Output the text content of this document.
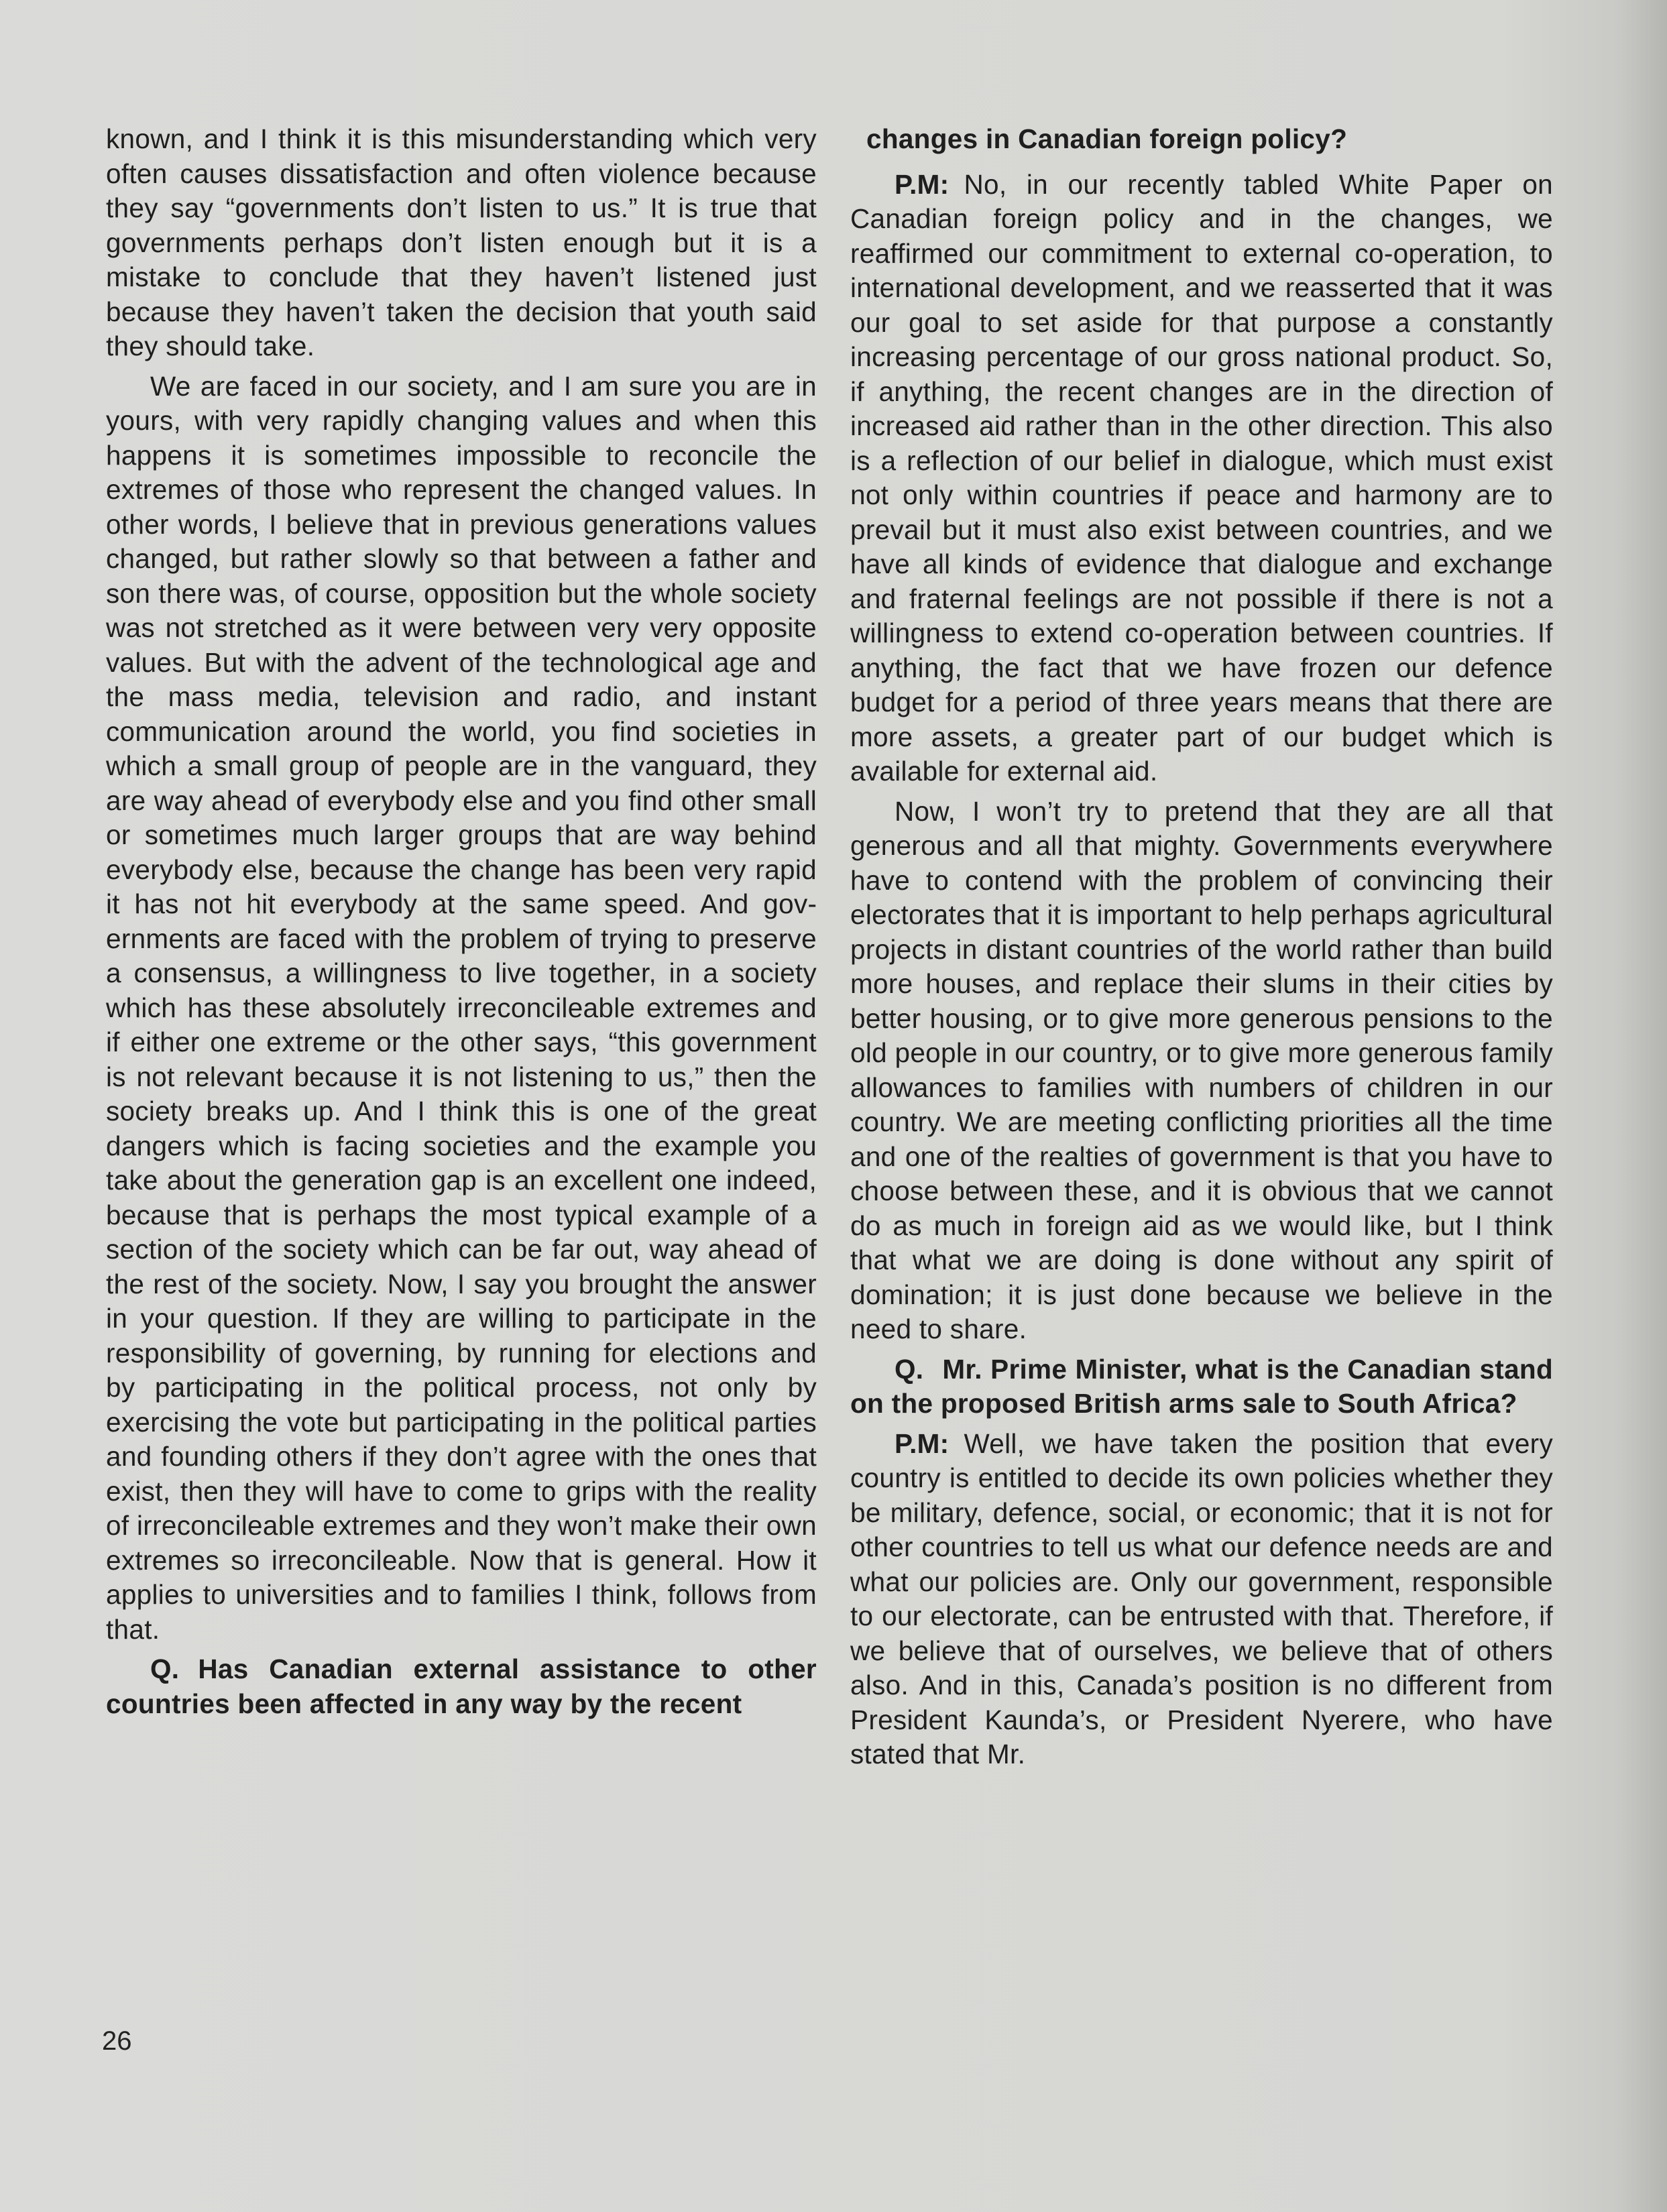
known, and I think it is this misunderstanding which very often causes dissatisfaction and often violence because they say “governments don’t listen to us.” It is true that governments perhaps don’t listen enough but it is a mistake to conclude that they haven’t listened just because they haven’t taken the decision that youth said they should take.

We are faced in our society, and I am sure you are in yours, with very rapidly changing values and when this happens it is sometimes impossible to reconcile the extremes of those who represent the changed values. In other words, I believe that in previous generations values changed, but rather slowly so that between a father and son there was, of course, opposition but the whole society was not stretched as it were between very very opposite values. But with the advent of the technological age and the mass media, television and radio, and instant communication around the world, you find societies in which a small group of people are in the vanguard, they are way ahead of everybody else and you find other small or sometimes much larger groups that are way behind everybody else, because the change has been very rapid it has not hit everybody at the same speed. And governments are faced with the problem of trying to preserve a consensus, a willingness to live together, in a society which has these absolutely irreconcileable extremes and if either one extreme or the other says, “this government is not relevant because it is not listening to us,” then the society breaks up. And I think this is one of the great dangers which is facing societies and the example you take about the generation gap is an excellent one indeed, because that is perhaps the most typical example of a section of the society which can be far out, way ahead of the rest of the society. Now, I say you brought the answer in your question. If they are willing to participate in the responsibility of governing, by running for elections and by participating in the political process, not only by exercising the vote but participating in the political parties and founding others if they don’t agree with the ones that exist, then they will have to come to grips with the reality of irreconcileable extremes and they won’t make their own extremes so irreconcileable. Now that is general. How it applies to universities and to families I think, follows from that.

Q. Has Canadian external assistance to other countries been affected in any way by the recent

changes in Canadian foreign policy?

P.M: No, in our recently tabled White Paper on Canadian foreign policy and in the changes, we reaffirmed our commitment to external co-operation, to international development, and we reasserted that it was our goal to set aside for that purpose a constantly increasing percentage of our gross national product. So, if anything, the recent changes are in the direction of increased aid rather than in the other direction. This also is a reflection of our belief in dialogue, which must exist not only within countries if peace and harmony are to prevail but it must also exist between countries, and we have all kinds of evidence that dialogue and exchange and fraternal feelings are not possible if there is not a willingness to extend co-operation between countries. If anything, the fact that we have frozen our defence budget for a period of three years means that there are more assets, a greater part of our budget which is available for external aid.

Now, I won’t try to pretend that they are all that generous and all that mighty. Governments everywhere have to contend with the problem of convincing their electorates that it is important to help perhaps agricultural projects in distant countries of the world rather than build more houses, and replace their slums in their cities by better housing, or to give more generous pensions to the old people in our country, or to give more generous family allowances to families with numbers of children in our country. We are meeting conflicting priorities all the time and one of the realties of government is that you have to choose between these, and it is obvious that we cannot do as much in foreign aid as we would like, but I think that what we are doing is done without any spirit of domination; it is just done because we believe in the need to share.

Q. Mr. Prime Minister, what is the Canadian stand on the proposed British arms sale to South Africa?

P.M: Well, we have taken the position that every country is entitled to decide its own policies whether they be military, defence, social, or economic; that it is not for other countries to tell us what our defence needs are and what our policies are. Only our government, responsible to our electorate, can be entrusted with that. Therefore, if we believe that of ourselves, we believe that of others also. And in this, Canada’s position is no different from President Kaunda’s, or President Nyerere, who have stated that Mr.

26
